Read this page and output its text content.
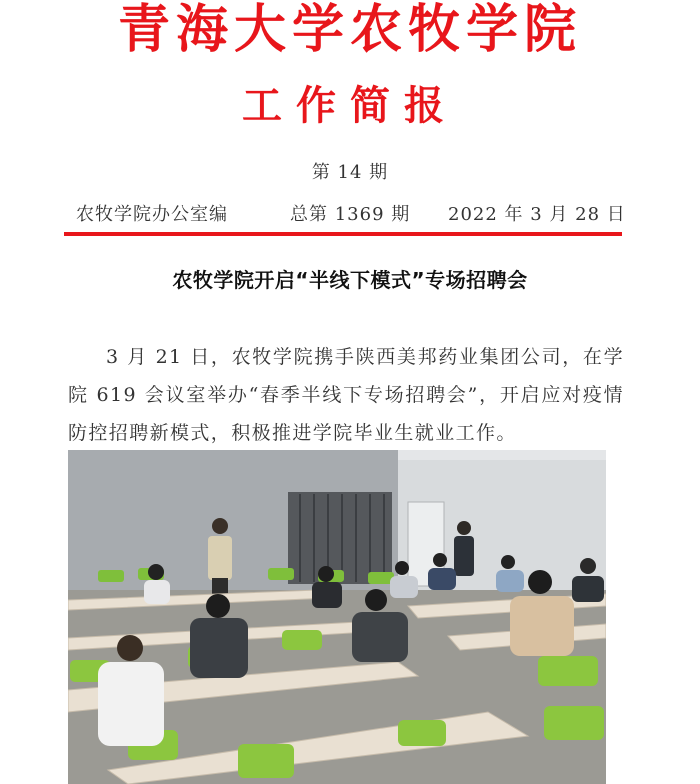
青海大学农牧学院
工作简报
第 14 期
农牧学院办公室编	总第 1369 期 2022 年 3 月 28 日
农牧学院开启“半线下模式”专场招聘会
3 月 21 日，农牧学院携手陕西美邦药业集团公司，在学院 619 会议室举办“春季半线下专场招聘会”，开启应对疫情防控招聘新模式，积极推进学院毕业生就业工作。
